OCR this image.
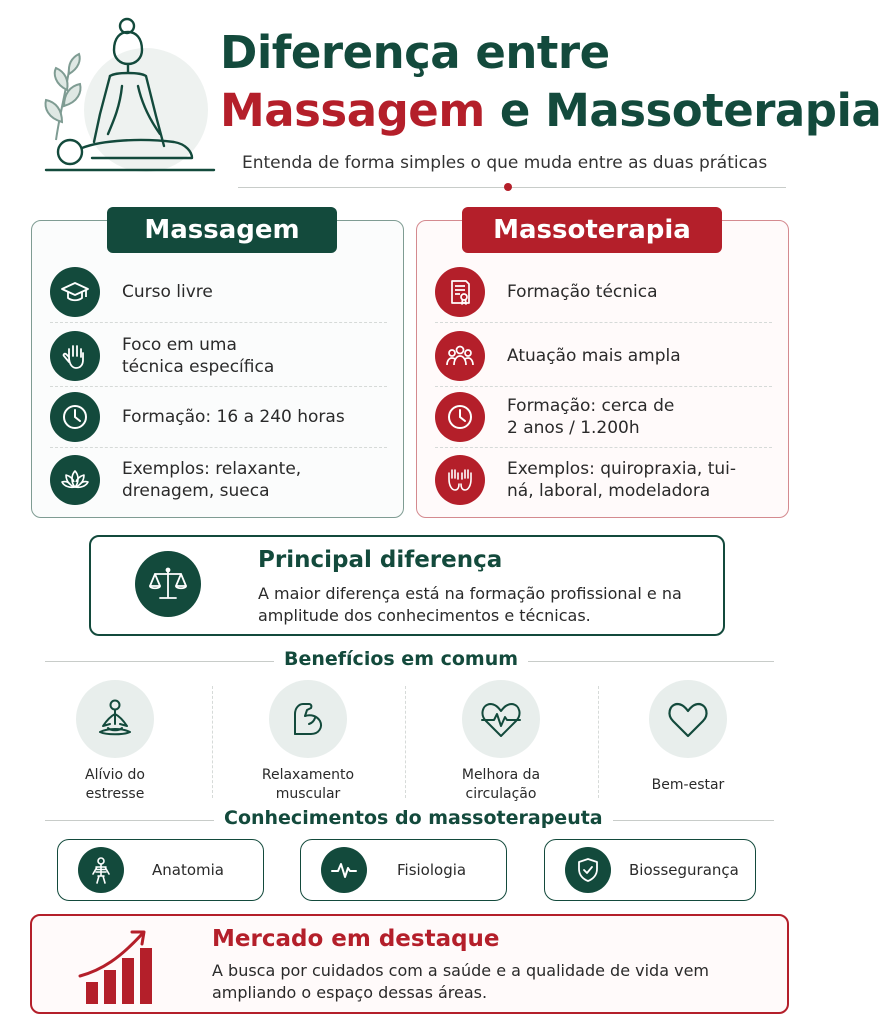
Diferença entre
Massagem e Massoterapia
Entenda de forma simples o que muda entre as duas práticas
Massagem
Curso livre
Foco em uma técnica específica
Formação: 16 a 240 horas
Exemplos: relaxante, drenagem, sueca
Massoterapia
Formação técnica
Atuação mais ampla
Formação: cerca de 2 anos / 1.200h
Exemplos: quiropraxia, tui-ná, laboral, modeladora
Principal diferença
A maior diferença está na formação profissional e na amplitude dos conhecimentos e técnicas.
Benefícios em comum
Alívio do estresse
Relaxamento muscular
Melhora da circulação
Bem-estar
Conhecimentos do massoterapeuta
Anatomia	Fisiologia	Biossegurança
Mercado em destaque
A busca por cuidados com a saúde e a qualidade de vida vem ampliando o espaço dessas áreas.
